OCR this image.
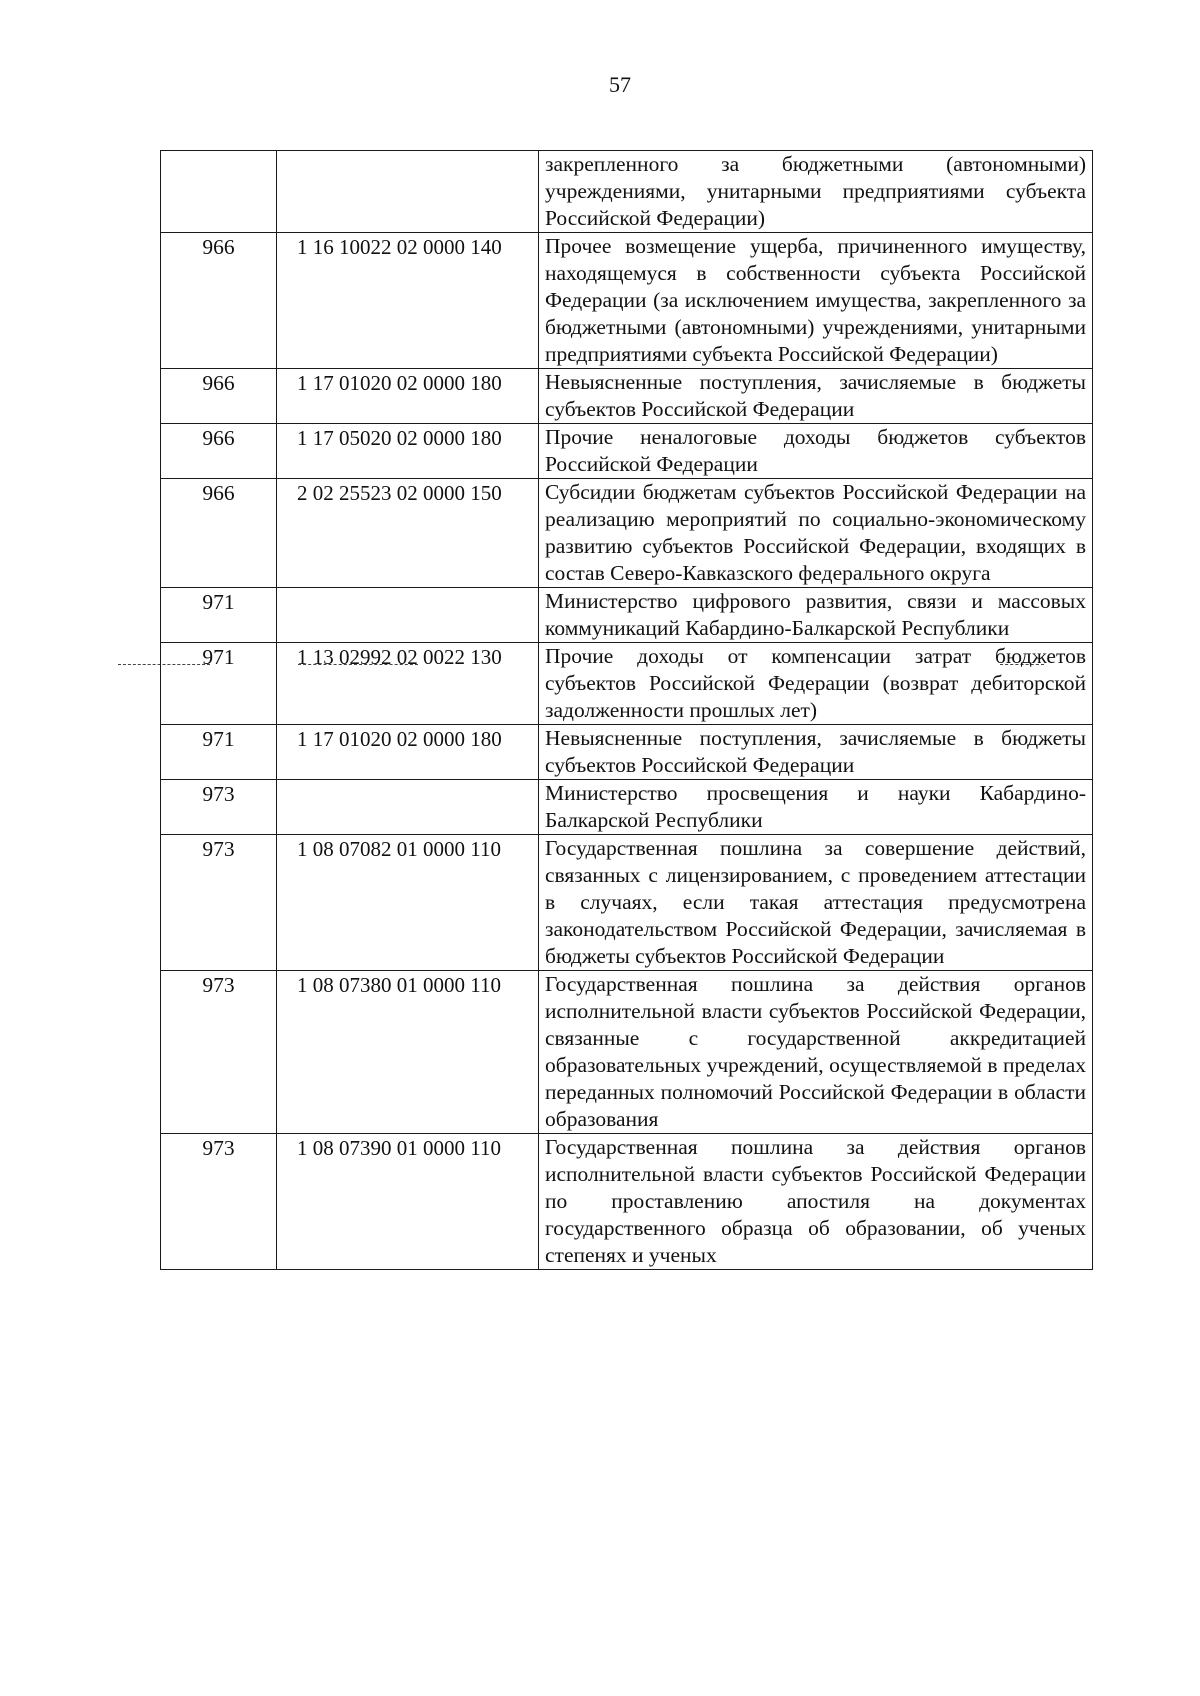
57
		закрепленного за бюджетными (автономными) учреждениями, унитарными предприятиями субъекта Российской Федерации)
966	1 16 10022 02 0000 140	Прочее возмещение ущерба, причиненного имуществу, находящемуся в собственности субъекта Российской Федерации (за исключением имущества, закрепленного за бюджетными (автономными) учреждениями, унитарными предприятиями субъекта Российской Федерации)
966	1 17 01020 02 0000 180	Невыясненные поступления, зачисляемые в бюджеты субъектов Российской Федерации
966	1 17 05020 02 0000 180	Прочие неналоговые доходы бюджетов субъектов Российской Федерации
966	2 02 25523 02 0000 150	Субсидии бюджетам субъектов Российской Федерации на реализацию мероприятий по социально-экономическому развитию субъектов Российской Федерации, входящих в состав Северо-Кавказского федерального округа
971		Министерство цифрового развития, связи и массовых коммуникаций Кабардино-Балкарской Республики
971	1 13 02992 02 0022 130	Прочие доходы от компенсации затрат бюджетов субъектов Российской Федерации (возврат дебиторской задолженности прошлых лет)
971	1 17 01020 02 0000 180	Невыясненные поступления, зачисляемые в бюджеты субъектов Российской Федерации
973		Министерство просвещения и науки Кабардино-Балкарской Республики
973	1 08 07082 01 0000 110	Государственная пошлина за совершение действий, связанных с лицензированием, с проведением аттестации в случаях, если такая аттестация предусмотрена законодательством Российской Федерации, зачисляемая в бюджеты субъектов Российской Федерации
973	1 08 07380 01 0000 110	Государственная пошлина за действия органов исполнительной власти субъектов Российской Федерации, связанные с государственной аккредитацией образовательных учреждений, осуществляемой в пределах переданных полномочий Российской Федерации в области образования
973	1 08 07390 01 0000 110	Государственная пошлина за действия органов исполнительной власти субъектов Российской Федерации по проставлению апостиля на документах государственного образца об образовании, об ученых степенях и ученых
